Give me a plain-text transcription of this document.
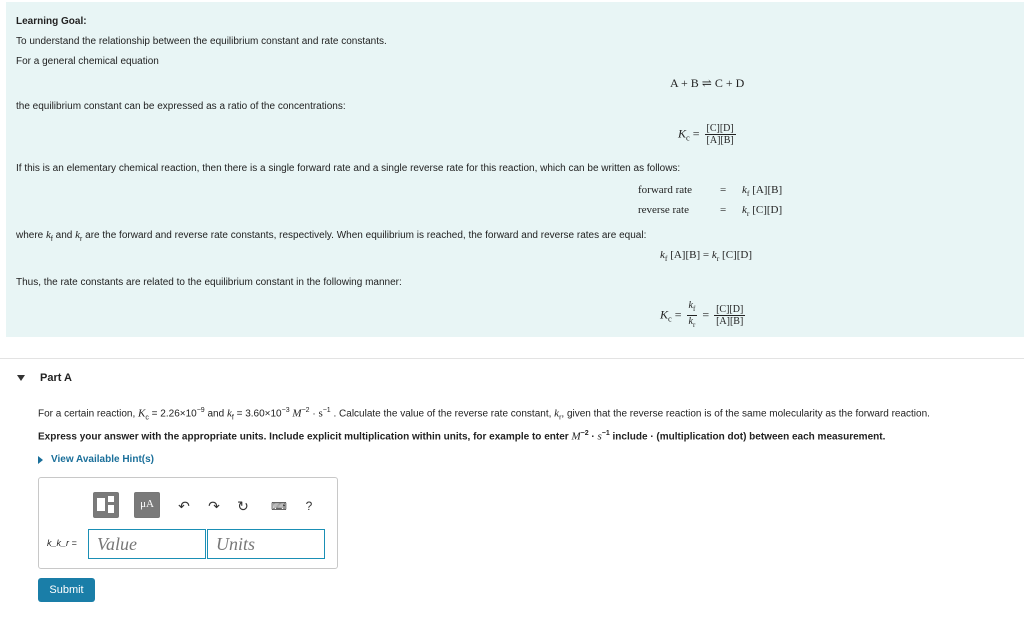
Learning Goal:
To understand the relationship between the equilibrium constant and rate constants.
For a general chemical equation
A + B ⇌ C + D
the equilibrium constant can be expressed as a ratio of the concentrations:
$K_c = \frac{[C][D]}{[A][B]}$
If this is an elementary chemical reaction, then there is a single forward rate and a single reverse rate for this reaction, which can be written as follows:
forward rate	= $k_f$ [A][B]
reverse rate	= $k_r$ [C][D]
where $k_f$ and $k_r$ are the forward and reverse rate constants, respectively. When equilibrium is reached, the forward and reverse rates are equal:
$k_f$ $[A][B] = k_r$ [C][D]
Thus, the rate constants are related to the equilibrium constant in the following manner:
$K_c = \frac{k_f}{k_r} = \frac{[C][D]}{[A][B]}$
Part A
For a certain reaction, $K_c = 2.26\times 10^{-9}$ and $k_f = 3.60\times 10^{-3}$ $M^{-2} \cdot s^{-1}$ . Calculate the value of the reverse rate constant, $k_r$, given that the reverse reaction is of the same molecularity as the forward reaction.
Express your answer with the appropriate units. Include explicit multiplication within units, for example to enter $M^{-2} \cdot s^{-1}$ include · (multiplication dot) between each measurement.
View Available Hint(s)
μA	↶ ↷ ↻ ⌨	?
k_k_r =	Value	Units
Submit
